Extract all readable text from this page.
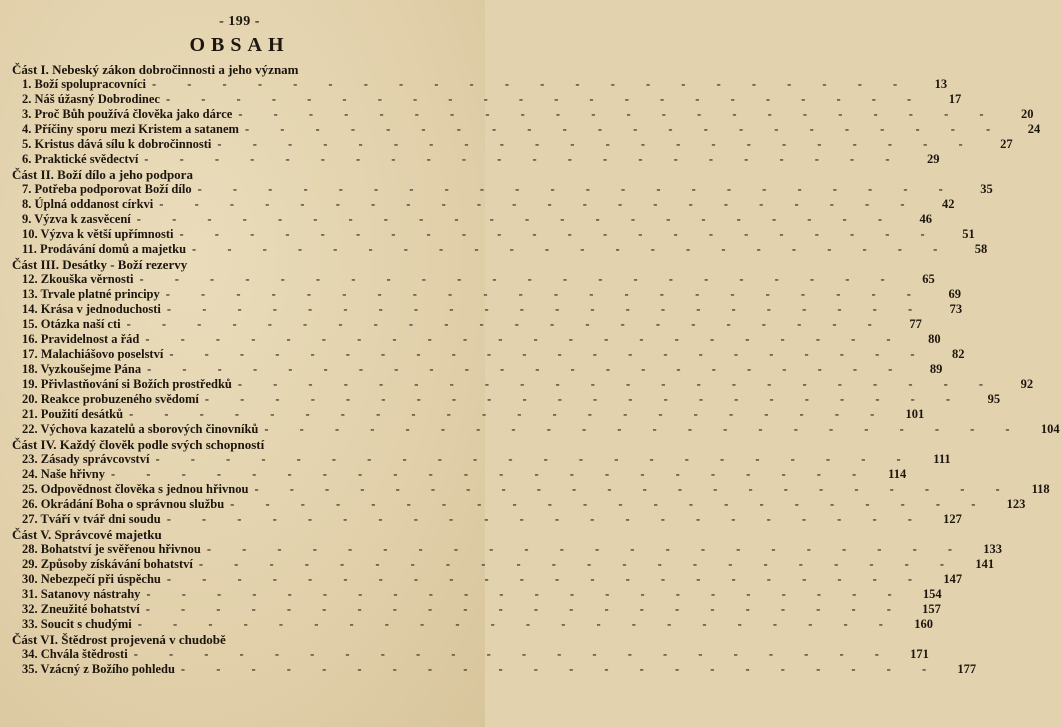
- 199 -
OBSAH
Část I. Nebeský zákon dobročinnosti a jeho význam
1. Boží spolupracovníci - - - - - - - - - - - - - - - - - - - - - -	13
2. Náš úžasný Dobrodinec - - - - - - - - - - - - - - - - - - - - - -	17
3. Proč Bůh používá člověka jako dárce - - - - - - - - - - - - - - - - - - - - - -	20
4. Příčiny sporu mezi Kristem a satanem - - - - - - - - - - - - - - - - - - - - - -	24
5. Kristus dává sílu k dobročinnosti - - - - - - - - - - - - - - - - - - - - - -	27
6. Praktické svědectví - - - - - - - - - - - - - - - - - - - - - -	29
Část II. Boží dílo a jeho podpora
7. Potřeba podporovat Boží dílo - - - - - - - - - - - - - - - - - - - - - -	35
8. Úplná oddanost církvi - - - - - - - - - - - - - - - - - - - - - -	42
9. Výzva k zasvěcení - - - - - - - - - - - - - - - - - - - - - -	46
10. Výzva k větší upřímnosti - - - - - - - - - - - - - - - - - - - - - -	51
11. Prodávání domů a majetku - - - - - - - - - - - - - - - - - - - - - -	58
Část III. Desátky - Boží rezervy
12. Zkouška věrnosti - - - - - - - - - - - - - - - - - - - - - -	65
13. Trvale platné principy - - - - - - - - - - - - - - - - - - - - - -	69
14. Krása v jednoduchosti - - - - - - - - - - - - - - - - - - - - - -	73
15. Otázka naší cti - - - - - - - - - - - - - - - - - - - - - -	77
16. Pravidelnost a řád - - - - - - - - - - - - - - - - - - - - - -	80
17. Malachiášovo poselství - - - - - - - - - - - - - - - - - - - - - -	82
18. Vyzkoušejme Pána - - - - - - - - - - - - - - - - - - - - - -	89
19. Přivlastňování si Božích prostředků - - - - - - - - - - - - - - - - - - - - - -	92
20. Reakce probuzeného svědomí - - - - - - - - - - - - - - - - - - - - - -	95
21. Použití desátků - - - - - - - - - - - - - - - - - - - - - -	101
22. Výchova kazatelů a sborových činovníků - - - - - - - - - - - - - - - - - - - - - -	104
Část IV. Každý člověk podle svých schopností
23. Zásady správcovství - - - - - - - - - - - - - - - - - - - - - -	111
24. Naše hřivny - - - - - - - - - - - - - - - - - - - - - -	114
25. Odpovědnost člověka s jednou hřivnou - - - - - - - - - - - - - - - - - - - - - -	118
26. Okrádání Boha o správnou službu - - - - - - - - - - - - - - - - - - - - - -	123
27. Tváří v tvář dni soudu - - - - - - - - - - - - - - - - - - - - - -	127
Část V. Správcové majetku
28. Bohatství je svěřenou hřivnou - - - - - - - - - - - - - - - - - - - - - -	133
29. Způsoby získávání bohatství - - - - - - - - - - - - - - - - - - - - - -	141
30. Nebezpečí při úspěchu - - - - - - - - - - - - - - - - - - - - - -	147
31. Satanovy nástrahy - - - - - - - - - - - - - - - - - - - - - -	154
32. Zneužité bohatství - - - - - - - - - - - - - - - - - - - - - -	157
33. Soucit s chudými - - - - - - - - - - - - - - - - - - - - - -	160
Část VI. Štědrost projevená v chudobě
34. Chvála štědrosti - - - - - - - - - - - - - - - - - - - - - -	171
35. Vzácný z Božího pohledu - - - - - - - - - - - - - - - - - - - - - -	177
